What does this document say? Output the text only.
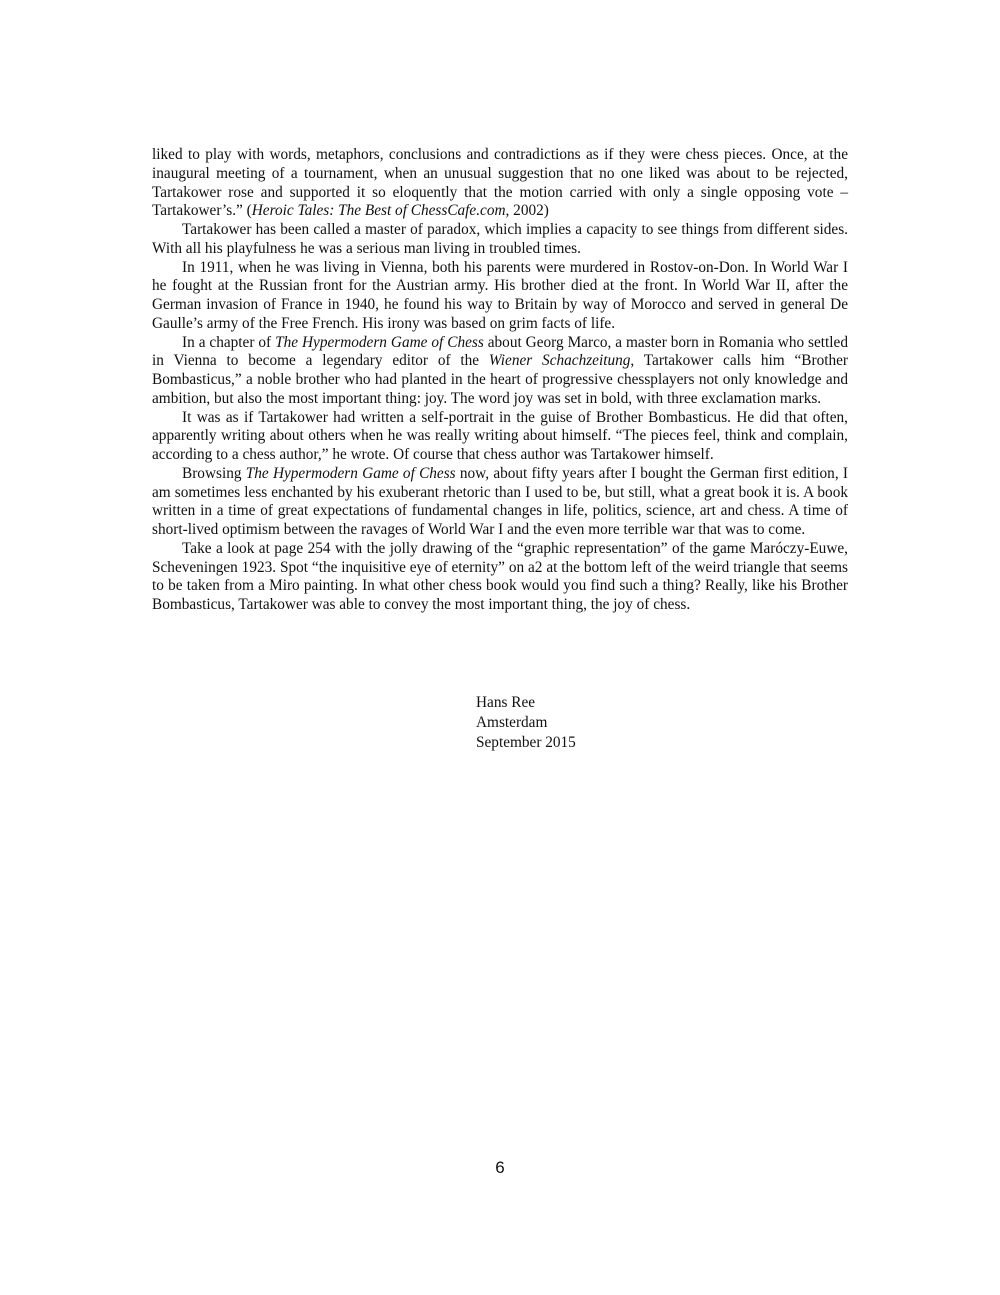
liked to play with words, metaphors, conclusions and contradictions as if they were chess pieces. Once, at the inaugural meeting of a tournament, when an unusual suggestion that no one liked was about to be rejected, Tartakower rose and supported it so eloquently that the motion carried with only a single opposing vote – Tartakower’s.” (Heroic Tales: The Best of ChessCafe.com, 2002)

Tartakower has been called a master of paradox, which implies a capacity to see things from different sides. With all his playfulness he was a serious man living in troubled times.

In 1911, when he was living in Vienna, both his parents were murdered in Rostov-on-Don. In World War I he fought at the Russian front for the Austrian army. His brother died at the front. In World War II, after the German invasion of France in 1940, he found his way to Britain by way of Morocco and served in general De Gaulle’s army of the Free French. His irony was based on grim facts of life.

In a chapter of The Hypermodern Game of Chess about Georg Marco, a master born in Romania who settled in Vienna to become a legendary editor of the Wiener Schachzeitung, Tartakower calls him “Brother Bombasticus,” a noble brother who had planted in the heart of progressive chessplayers not only knowledge and ambition, but also the most important thing: joy. The word joy was set in bold, with three exclamation marks.

It was as if Tartakower had written a self-portrait in the guise of Brother Bombasticus. He did that often, apparently writing about others when he was really writing about himself. “The pieces feel, think and complain, according to a chess author,” he wrote. Of course that chess author was Tartakower himself.

Browsing The Hypermodern Game of Chess now, about fifty years after I bought the German first edition, I am sometimes less enchanted by his exuberant rhetoric than I used to be, but still, what a great book it is. A book written in a time of great expectations of fundamental changes in life, politics, science, art and chess. A time of short-lived optimism between the ravages of World War I and the even more terrible war that was to come.

Take a look at page 254 with the jolly drawing of the “graphic representation” of the game Maróczy-Euwe, Scheveningen 1923. Spot “the inquisitive eye of eternity” on a2 at the bottom left of the weird triangle that seems to be taken from a Miro painting. In what other chess book would you find such a thing? Really, like his Brother Bombasticus, Tartakower was able to convey the most important thing, the joy of chess.

Hans Ree
Amsterdam
September 2015
6
